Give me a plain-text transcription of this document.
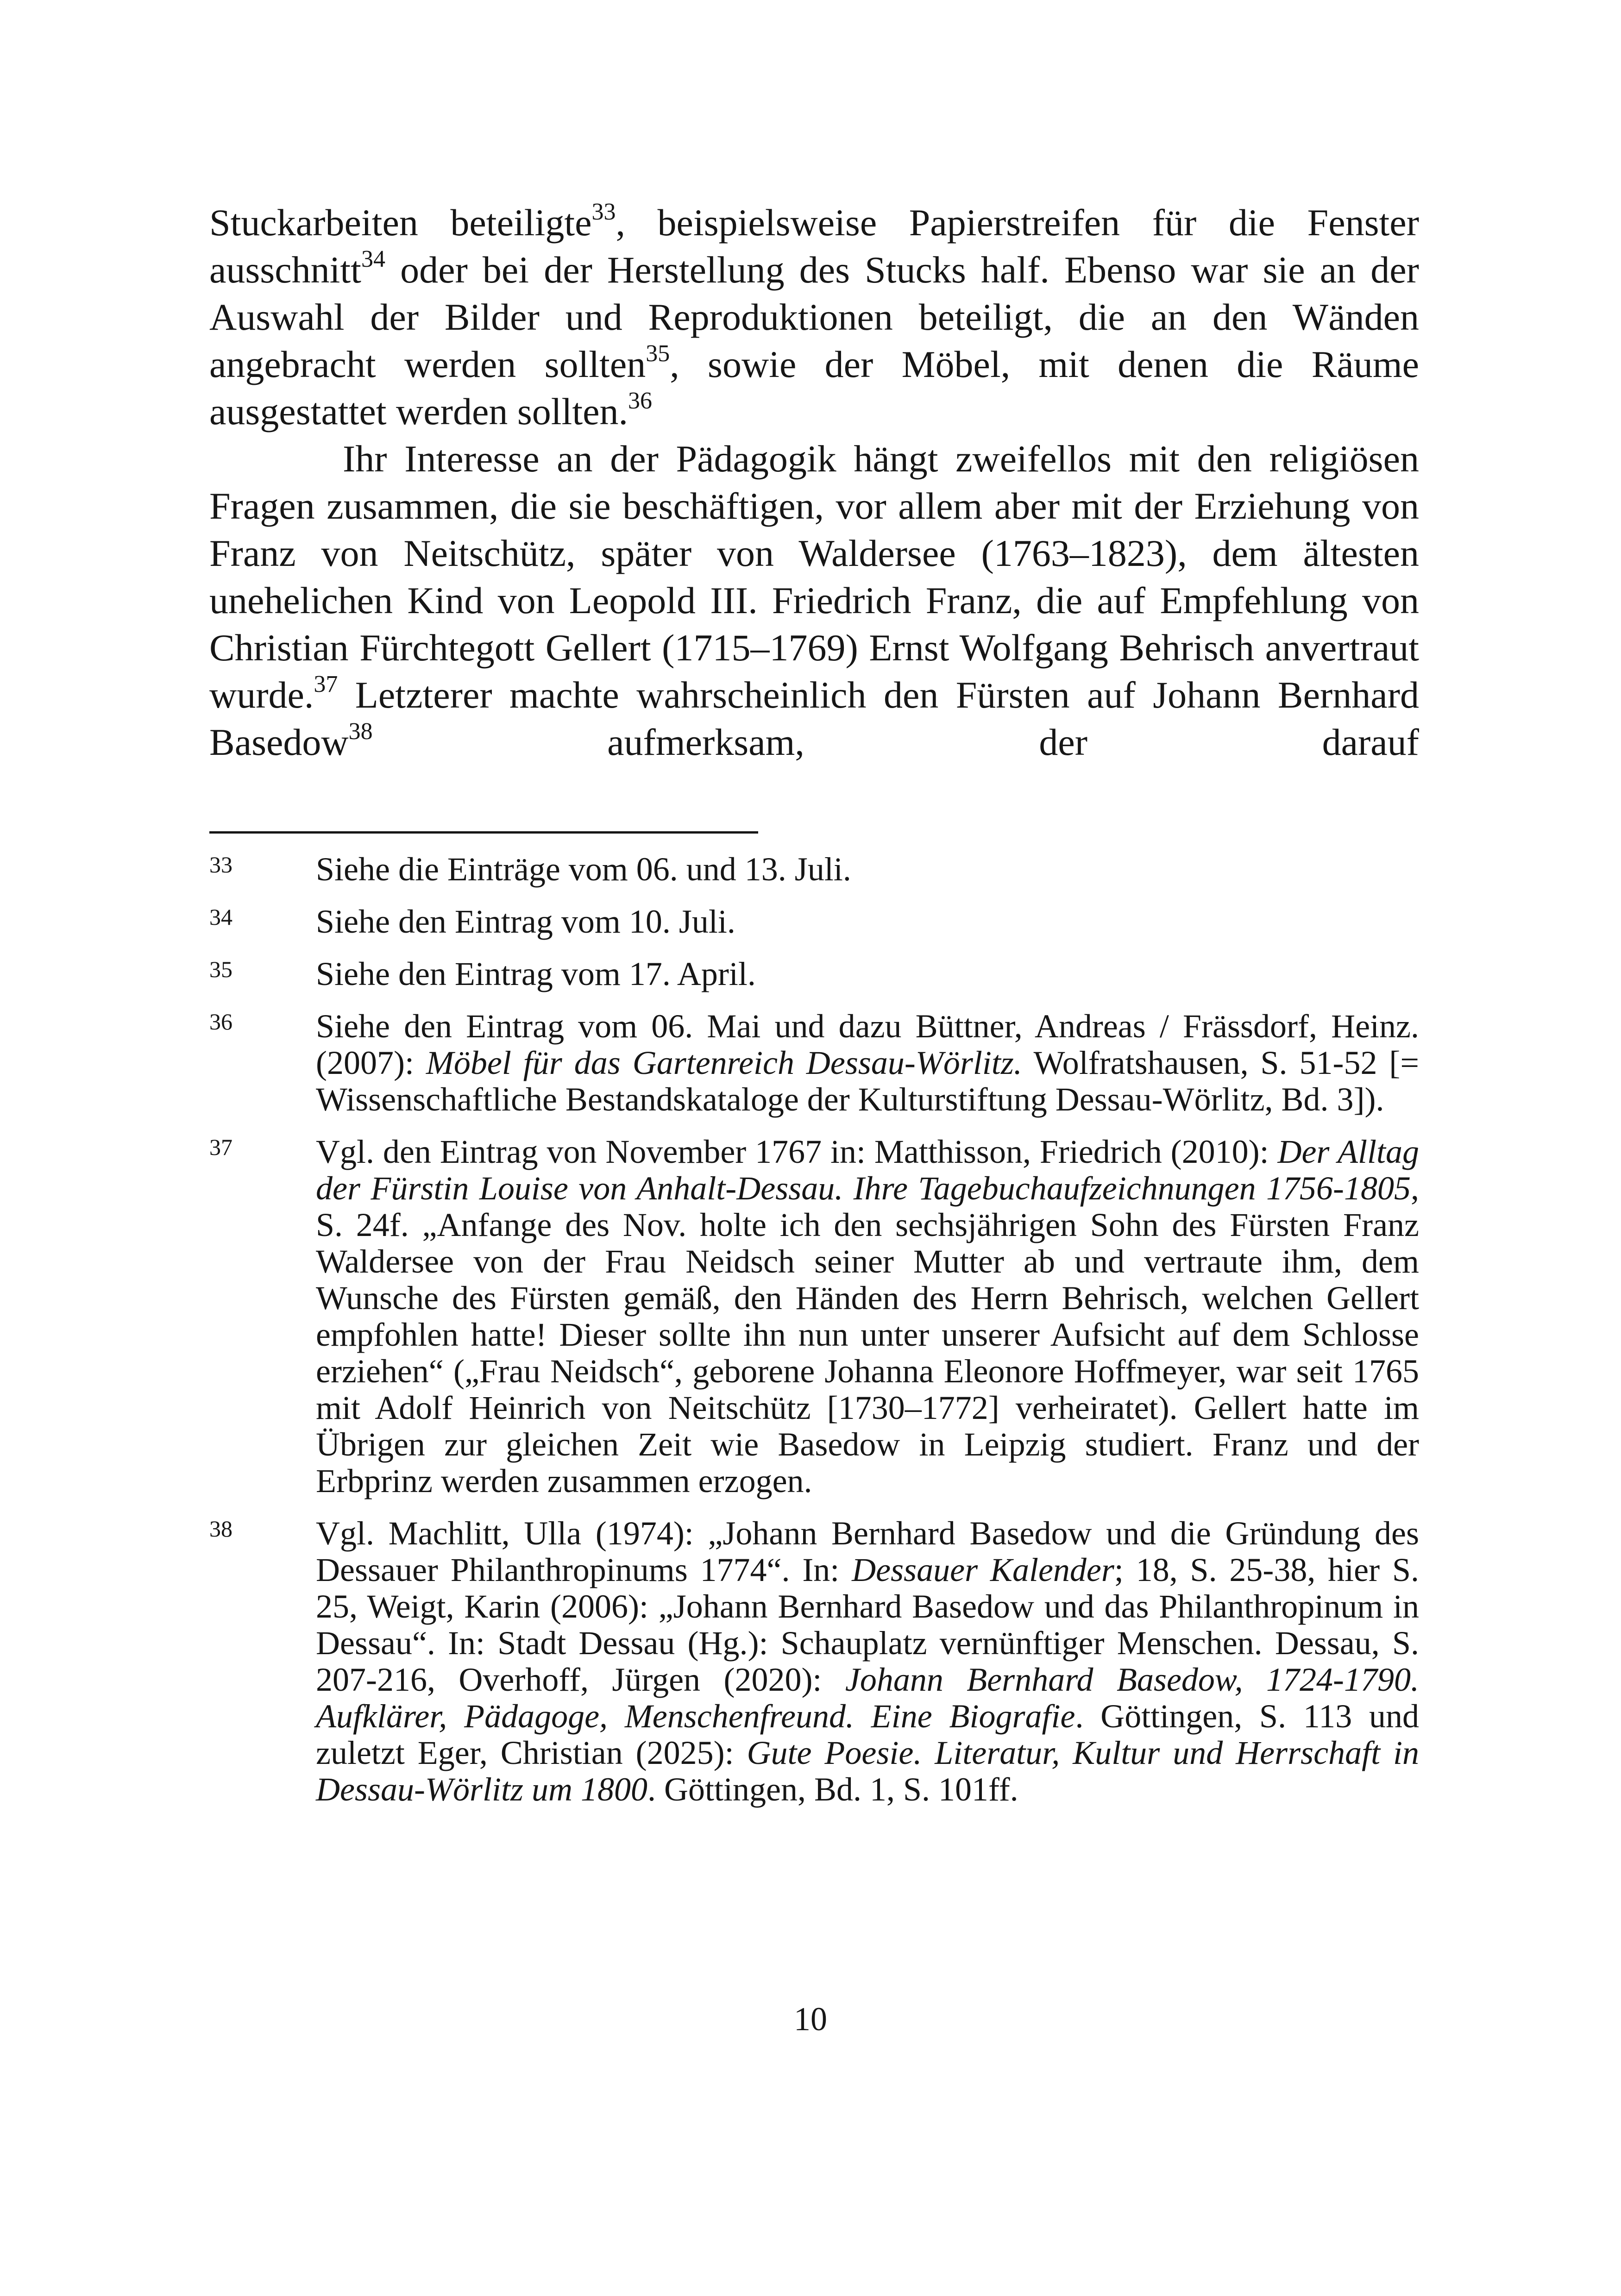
Stuckarbeiten beteiligte$^{33}$, beispielsweise Papierstreifen für die Fenster ausschnitt$^{34}$ oder bei der Herstellung des Stucks half. Ebenso war sie an der Auswahl der Bilder und Reproduktionen beteiligt, die an den Wänden angebracht werden sollten$^{35}$, sowie der Möbel, mit denen die Räume ausgestattet werden sollten.$^{36}$

Ihr Interesse an der Pädagogik hängt zweifellos mit den religiösen Fragen zusammen, die sie beschäftigen, vor allem aber mit der Erziehung von Franz von Neitschütz, später von Waldersee (1763–1823), dem ältesten unehelichen Kind von Leopold III. Friedrich Franz, die auf Empfehlung von Christian Fürchtegott Gellert (1715–1769) Ernst Wolfgang Behrisch anvertraut wurde.$^{37}$ Letzterer machte wahrscheinlich den Fürsten auf Johann Bernhard Basedow$^{38}$ aufmerksam, der darauf

33	Siehe die Einträge vom 06. und 13. Juli.
34	Siehe den Eintrag vom 10. Juli.
35	Siehe den Eintrag vom 17. April.
36	Siehe den Eintrag vom 06. Mai und dazu Büttner, Andreas / Frässdorf, Heinz. (2007): Möbel für das Gartenreich Dessau-Wörlitz. Wolfratshausen, S. 51-52 [= Wissenschaftliche Bestandskataloge der Kulturstiftung Dessau-Wörlitz, Bd. 3]).
37	Vgl. den Eintrag von November 1767 in: Matthisson, Friedrich (2010): Der Alltag der Fürstin Louise von Anhalt-Dessau. Ihre Tagebuchaufzeichnungen 1756-1805, S. 24f. „Anfange des Nov. holte ich den sechsjährigen Sohn des Fürsten Franz Waldersee von der Frau Neidsch seiner Mutter ab und vertraute ihm, dem Wunsche des Fürsten gemäß, den Händen des Herrn Behrisch, welchen Gellert empfohlen hatte! Dieser sollte ihn nun unter unserer Aufsicht auf dem Schlosse erziehen“ („Frau Neidsch“, geborene Johanna Eleonore Hoffmeyer, war seit 1765 mit Adolf Heinrich von Neitschütz [1730–1772] verheiratet). Gellert hatte im Übrigen zur gleichen Zeit wie Basedow in Leipzig studiert. Franz und der Erbprinz werden zusammen erzogen.
38	Vgl. Machlitt, Ulla (1974): „Johann Bernhard Basedow und die Gründung des Dessauer Philanthropinums 1774“. In: Dessauer Kalender; 18, S. 25-38, hier S. 25, Weigt, Karin (2006): „Johann Bernhard Basedow und das Philanthropinum in Dessau“. In: Stadt Dessau (Hg.): Schauplatz vernünftiger Menschen. Dessau, S. 207-216, Overhoff, Jürgen (2020): Johann Bernhard Basedow, 1724-1790. Aufklärer, Pädagoge, Menschenfreund. Eine Biografie. Göttingen, S. 113 und zuletzt Eger, Christian (2025): Gute Poesie. Literatur, Kultur und Herrschaft in Dessau-Wörlitz um 1800. Göttingen, Bd. 1, S. 101ff.
10
